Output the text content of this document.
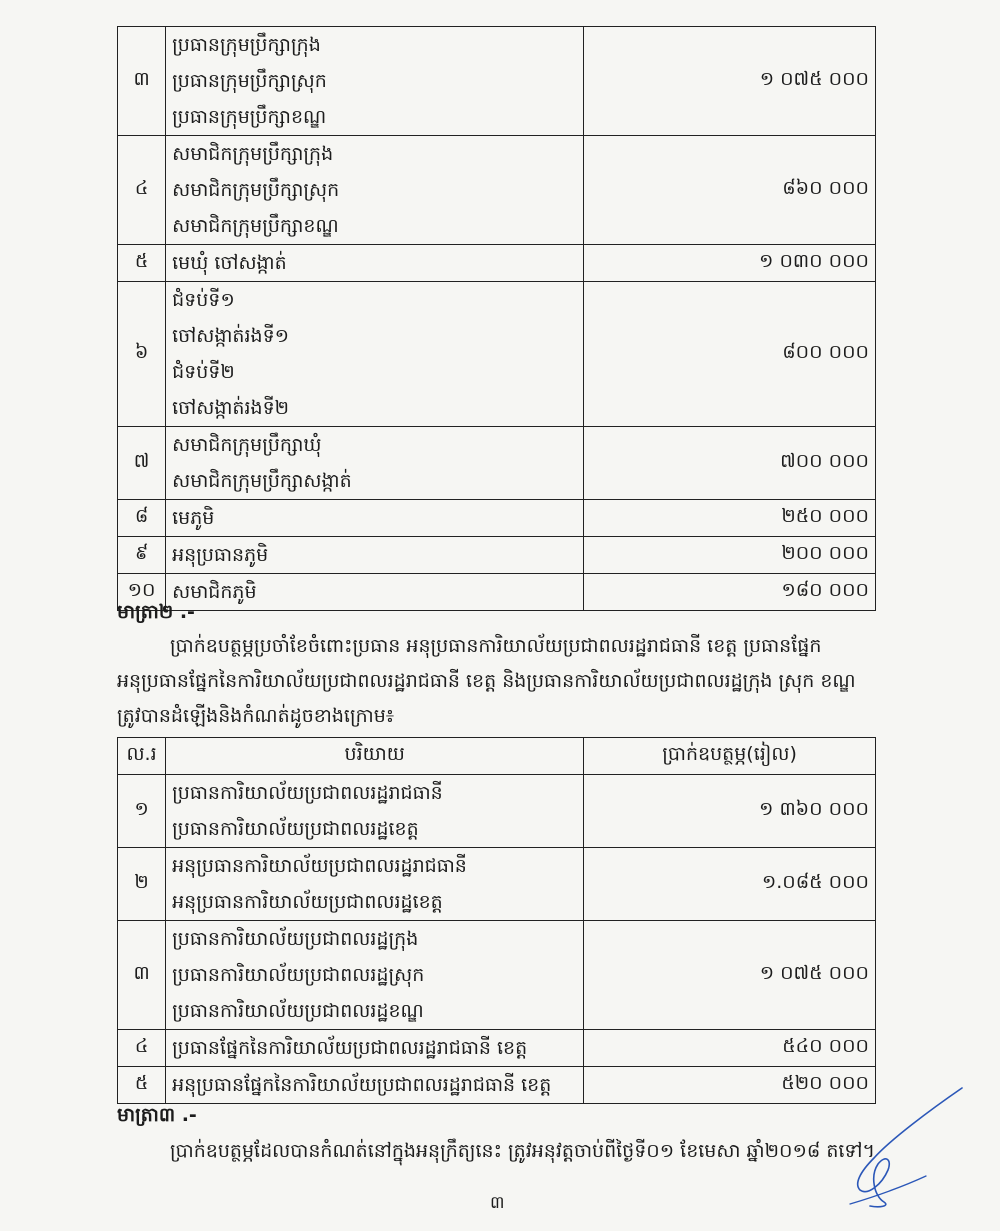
៣	ប្រធានក្រុមប្រឹក្សាក្រុង
ប្រធានក្រុមប្រឹក្សាស្រុក
ប្រធានក្រុមប្រឹក្សាខណ្ឌ	១ ០៧៥ ០០០
៤	សមាជិកក្រុមប្រឹក្សាក្រុង
សមាជិកក្រុមប្រឹក្សាស្រុក
សមាជិកក្រុមប្រឹក្សាខណ្ឌ	៨៦០ ០០០
៥	មេឃុំ ចៅសង្កាត់	១ ០៣០ ០០០
៦	ជំទប់ទី១
ចៅសង្កាត់រងទី១
ជំទប់ទី២
ចៅសង្កាត់រងទី២	៨០០ ០០០
៧	សមាជិកក្រុមប្រឹក្សាឃុំ
សមាជិកក្រុមប្រឹក្សាសង្កាត់	៧០០ ០០០
៨	មេភូមិ	២៥០ ០០០
៩	អនុប្រធានភូមិ	២០០ ០០០
១០	សមាជិកភូមិ	១៨០ ០០០
មាត្រា២ .-
ប្រាក់ឧបត្ថម្ភប្រចាំខែចំពោះប្រធាន អនុប្រធានការិយាល័យប្រជាពលរដ្ឋរាជធានី ខេត្ត ប្រធានផ្នែក
អនុប្រធានផ្នែកនៃការិយាល័យប្រជាពលរដ្ឋរាជធានី ខេត្ត និងប្រធានការិយាល័យប្រជាពលរដ្ឋក្រុង ស្រុក ខណ្ឌ
ត្រូវបានដំឡើងនិងកំណត់ដូចខាងក្រោម៖
ល.រ	បរិយាយ	ប្រាក់ឧបត្ថម្ភ(រៀល)
១	ប្រធានការិយាល័យប្រជាពលរដ្ឋរាជធានី
ប្រធានការិយាល័យប្រជាពលរដ្ឋខេត្ត	១ ៣៦០ ០០០
២	អនុប្រធានការិយាល័យប្រជាពលរដ្ឋរាជធានី
អនុប្រធានការិយាល័យប្រជាពលរដ្ឋខេត្ត	១.០៨៥ ០០០
៣	ប្រធានការិយាល័យប្រជាពលរដ្ឋក្រុង
ប្រធានការិយាល័យប្រជាពលរដ្ឋស្រុក
ប្រធានការិយាល័យប្រជាពលរដ្ឋខណ្ឌ	១ ០៧៥ ០០០
៤	ប្រធានផ្នែកនៃការិយាល័យប្រជាពលរដ្ឋរាជធានី ខេត្ត	៥៤០ ០០០
៥	អនុប្រធានផ្នែកនៃការិយាល័យប្រជាពលរដ្ឋរាជធានី ខេត្ត	៥២០ ០០០
មាត្រា៣ .-
ប្រាក់ឧបត្ថម្ភដែលបានកំណត់នៅក្នុងអនុក្រឹត្យនេះ ត្រូវអនុវត្តចាប់ពីថ្ងៃទី០១ ខែមេសា ឆ្នាំ២០១៨ តទៅ។
៣
